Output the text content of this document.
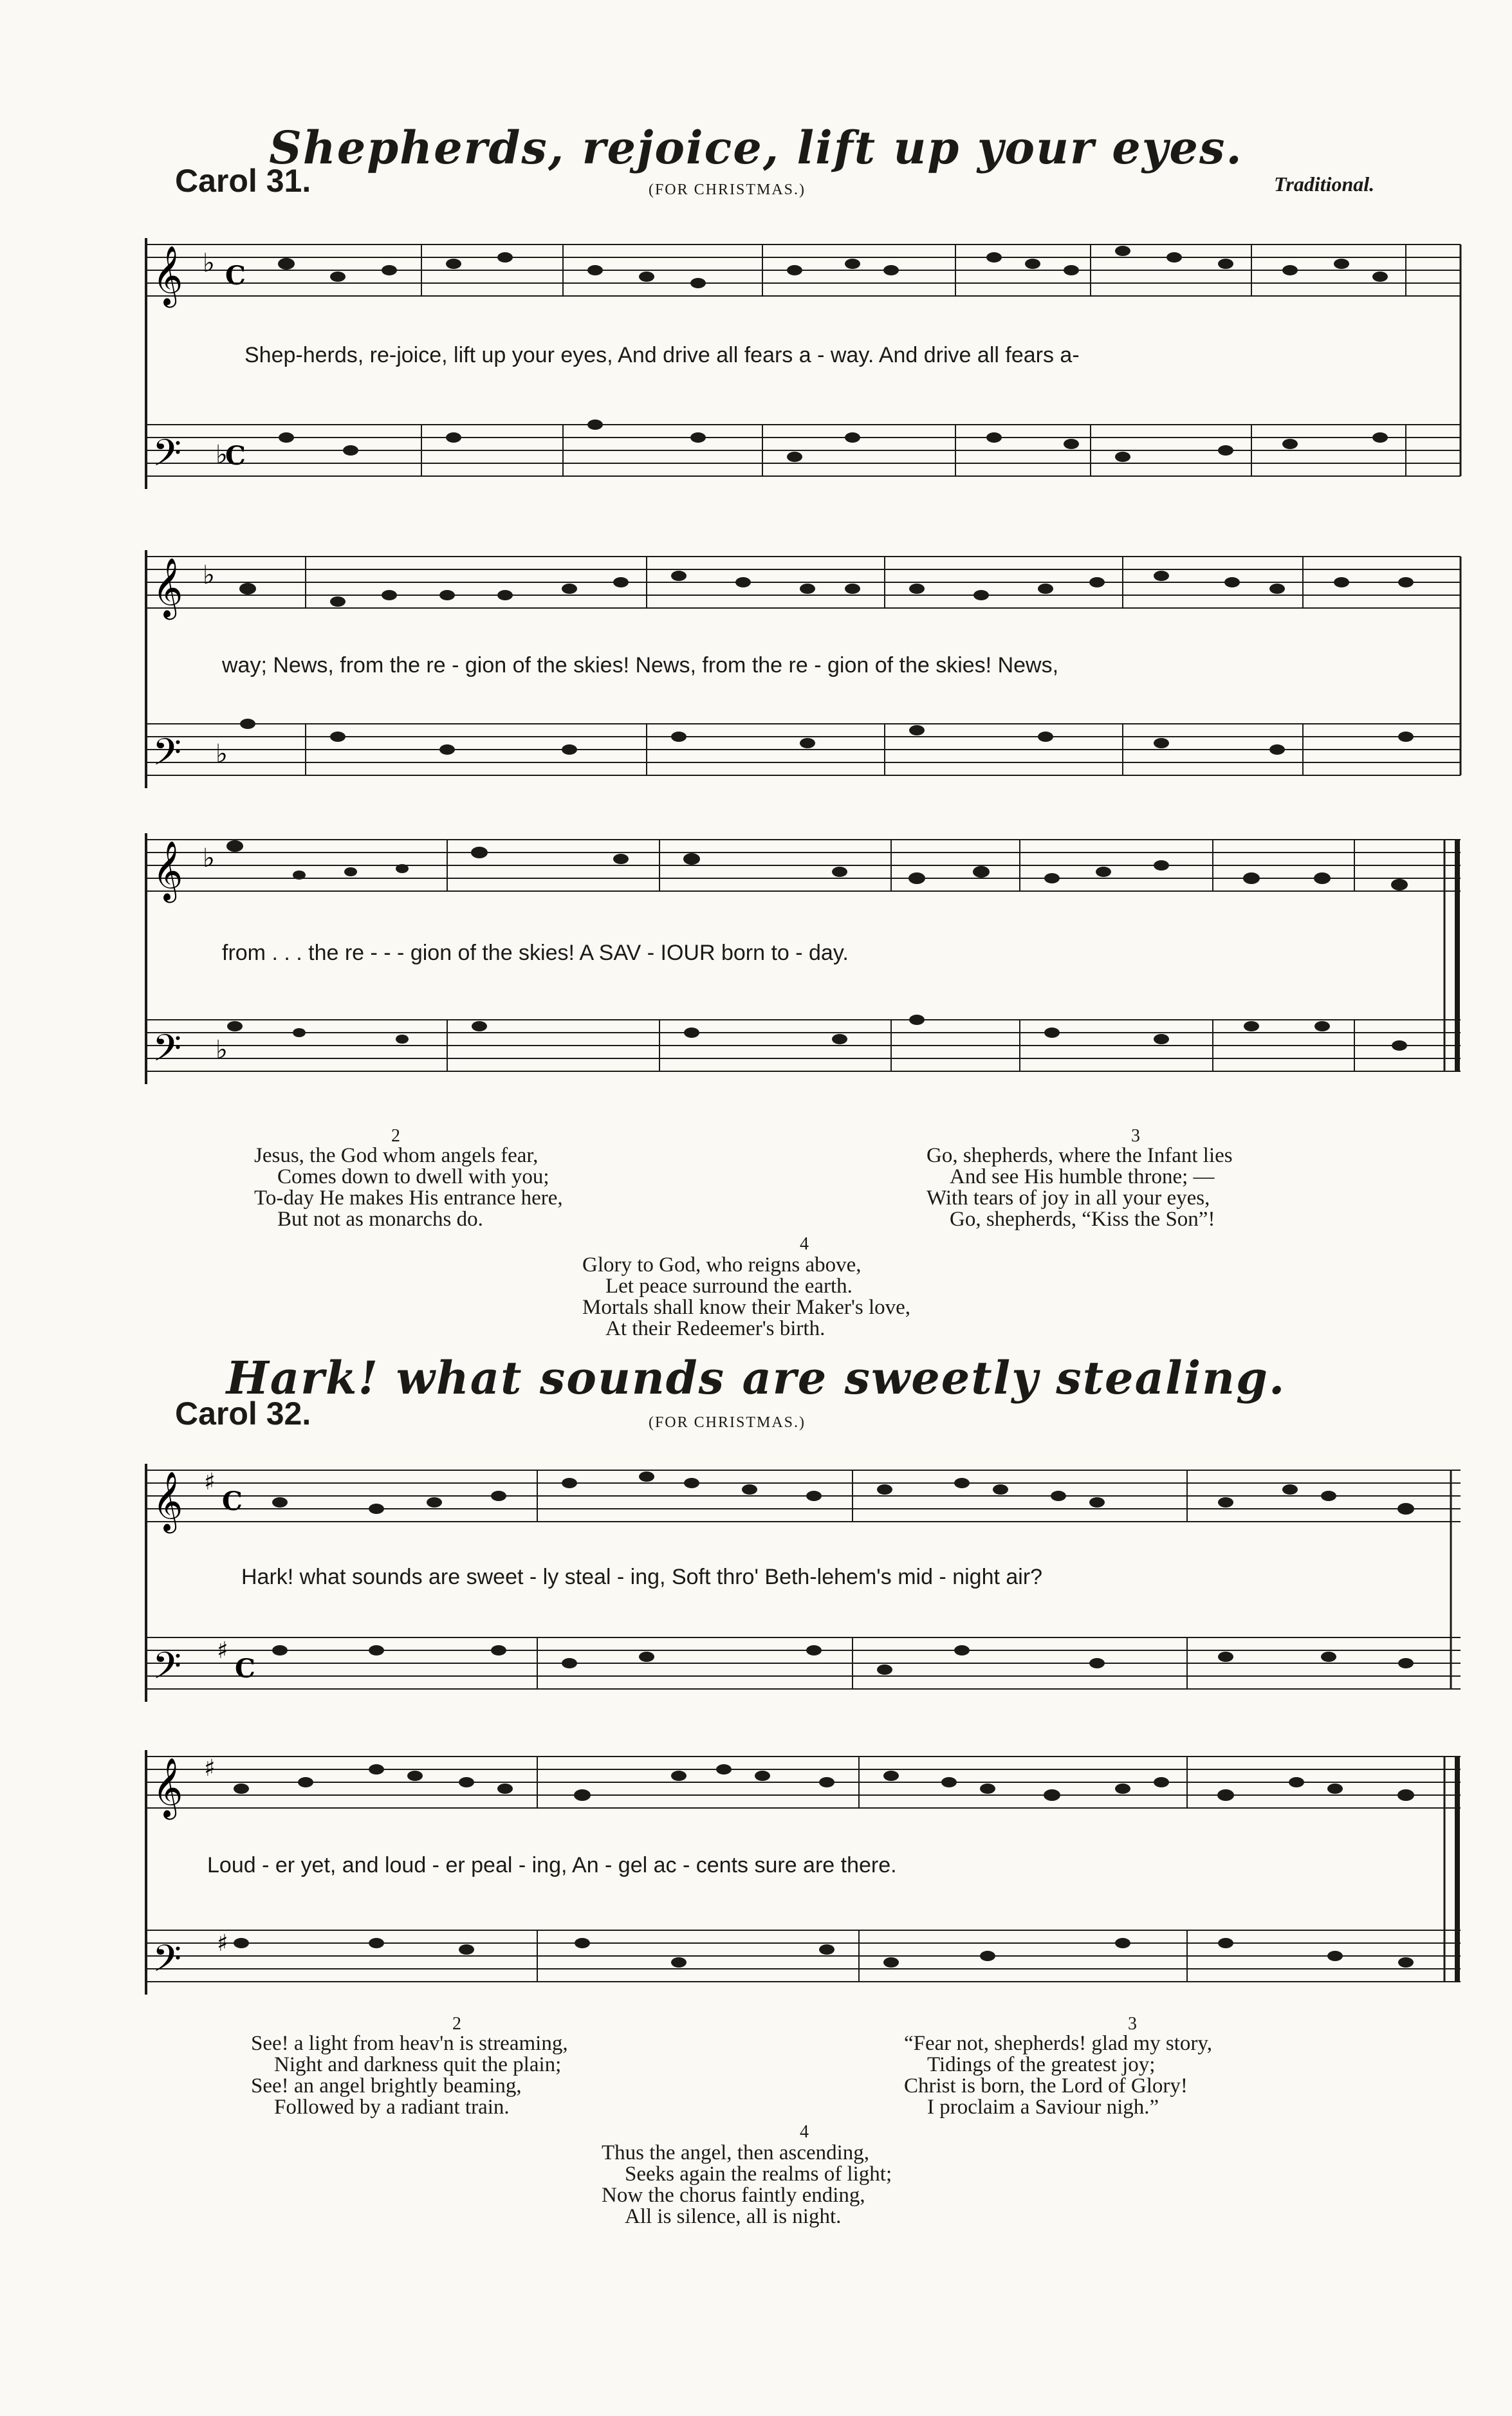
Shepherds, rejoice, lift up your eyes.
Carol 31.	(FOR CHRISTMAS.)	Traditional.
𝄞
𝄢
♭
♭
C
C
Shep-herds, re-joice, lift up your eyes, And drive all fears a - way. And drive all fears a-
𝄞
𝄢
♭
♭
way; News, from the re - gion of the skies! News, from the re - gion of the skies! News,
𝄞
𝄢
♭
♭
from . . . the re - - - gion of the skies! A SAV - IOUR born to - day.
2
Jesus, the God whom angels fear,
Comes down to dwell with you;
To-day He makes His entrance here,
But not as monarchs do.
3
Go, shepherds, where the Infant lies
And see His humble throne; —
With tears of joy in all your eyes,
Go, shepherds, “Kiss the Son”!
4
Glory to God, who reigns above,
Let peace surround the earth.
Mortals shall know their Maker's love,
At their Redeemer's birth.
Hark! what sounds are sweetly stealing.
Carol 32.	(FOR CHRISTMAS.)
𝄞
𝄢
♯
♯
C
C
Hark! what sounds are sweet - ly steal - ing, Soft thro' Beth-lehem's mid - night air?
𝄞
𝄢
♯
♯
Loud - er yet, and loud - er peal - ing, An - gel ac - cents sure are there.
2
See! a light from heav'n is streaming,
Night and darkness quit the plain;
See! an angel brightly beaming,
Followed by a radiant train.
3
“Fear not, shepherds! glad my story,
Tidings of the greatest joy;
Christ is born, the Lord of Glory!
I proclaim a Saviour nigh.”
4
Thus the angel, then ascending,
Seeks again the realms of light;
Now the chorus faintly ending,
All is silence, all is night.
